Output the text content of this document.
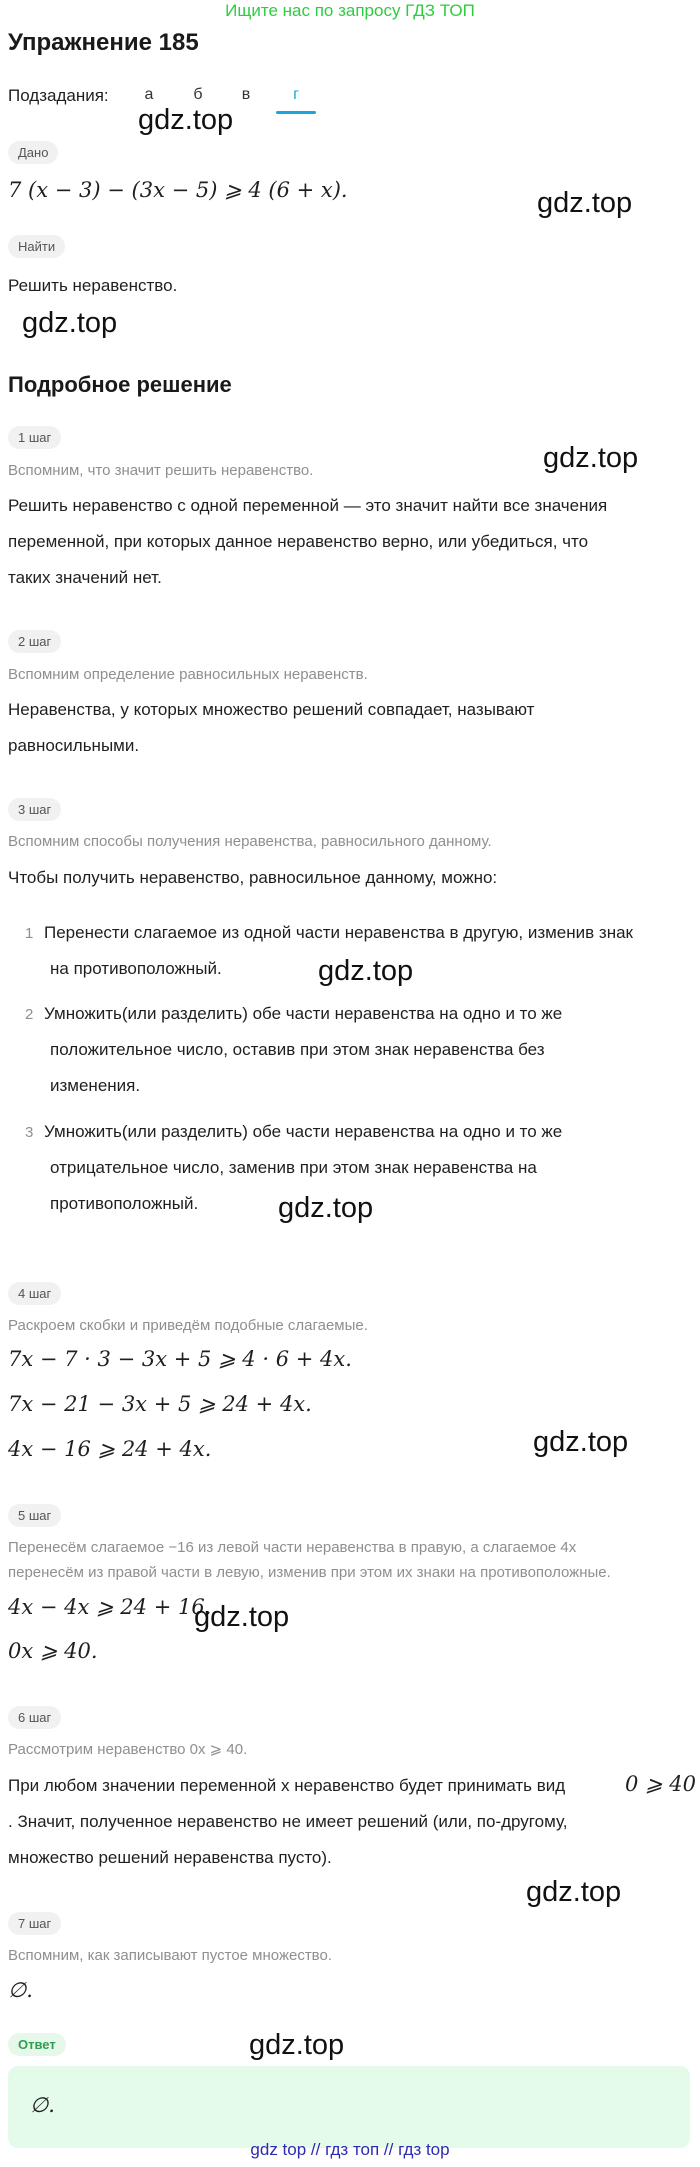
Ищите нас по запросу ГДЗ ТОП
Упражнение 185
Подзадания:	а	б	в	г
Дано
7 (x − 3) − (3x − 5) ⩾ 4 (6 + x).
Найти
Решить неравенство.
Подробное решение
1 шаг
Вспомним, что значит решить неравенство.
Решить неравенство с одной переменной — это значит найти все значения
переменной, при которых данное неравенство верно, или убедиться, что
таких значений нет.
2 шаг
Вспомним определение равносильных неравенств.
Неравенства, у которых множество решений совпадает, называют
равносильными.
3 шаг
Вспомним способы получения неравенства, равносильного данному.
Чтобы получить неравенство, равносильное данному, можно:
1 Перенести слагаемое из одной части неравенства в другую, изменив знак
на противоположный.
2 Умножить(или разделить) обе части неравенства на одно и то же
положительное число, оставив при этом знак неравенства без
изменения.
3 Умножить(или разделить) обе части неравенства на одно и то же
отрицательное число, заменив при этом знак неравенства на
противоположный.
4 шаг
Раскроем скобки и приведём подобные слагаемые.
7x − 7 · 3 − 3x + 5 ⩾ 4 · 6 + 4x.
7x − 21 − 3x + 5 ⩾ 24 + 4x.
4x − 16 ⩾ 24 + 4x.
5 шаг
Перенесём слагаемое −16 из левой части неравенства в правую, а слагаемое 4x
перенесём из правой части в левую, изменив при этом их знаки на противоположные.
4x − 4x ⩾ 24 + 16.
0x ⩾ 40.
6 шаг
Рассмотрим неравенство 0x ⩾ 40.
При любом значении переменной x неравенство будет принимать вид	0 ⩾ 40
. Значит, полученное неравенство не имеет решений (или, по-другому,
множество решений неравенства пусто).
7 шаг
Вспомним, как записывают пустое множество.
∅.
Ответ
∅.
gdz.top
gdz.top
gdz.top
gdz.top
gdz.top
gdz.top
gdz.top
gdz.top
gdz.top
gdz.top
gdz top // гдз топ // гдз top
